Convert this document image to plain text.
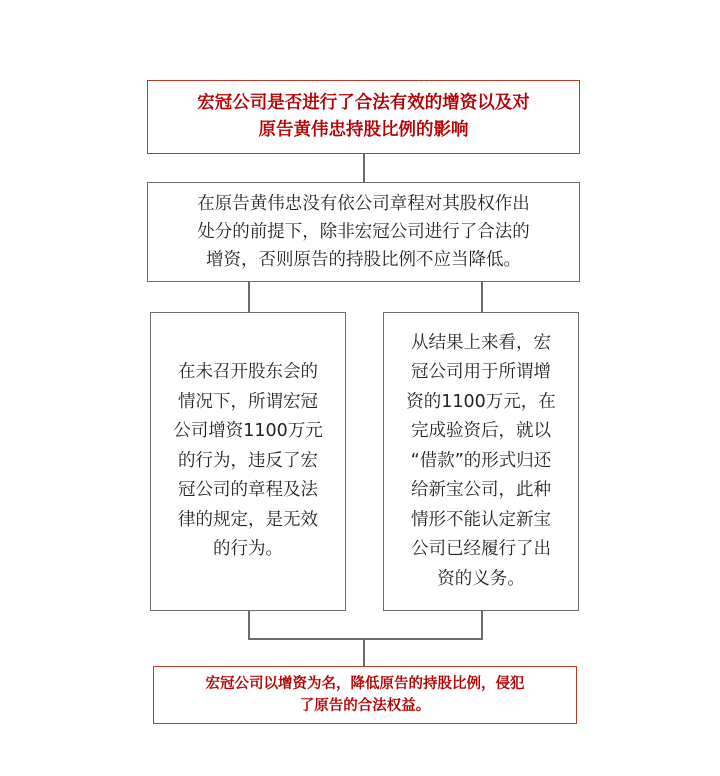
宏冠公司是否进行了合法有效的增资以及对
原告黄伟忠持股比例的影响
在原告黄伟忠没有依公司章程对其股权作出
处分的前提下，除非宏冠公司进行了合法的
增资，否则原告的持股比例不应当降低。
在未召开股东会的
情况下，所谓宏冠
公司增资1100万元
的行为，违反了宏
冠公司的章程及法
律的规定，是无效
的行为。
从结果上来看，宏
冠公司用于所谓增
资的1100万元，在
完成验资后，就以
“借款”的形式归还
给新宝公司，此种
情形不能认定新宝
公司已经履行了出
资的义务。
宏冠公司以增资为名，降低原告的持股比例，侵犯
了原告的合法权益。
